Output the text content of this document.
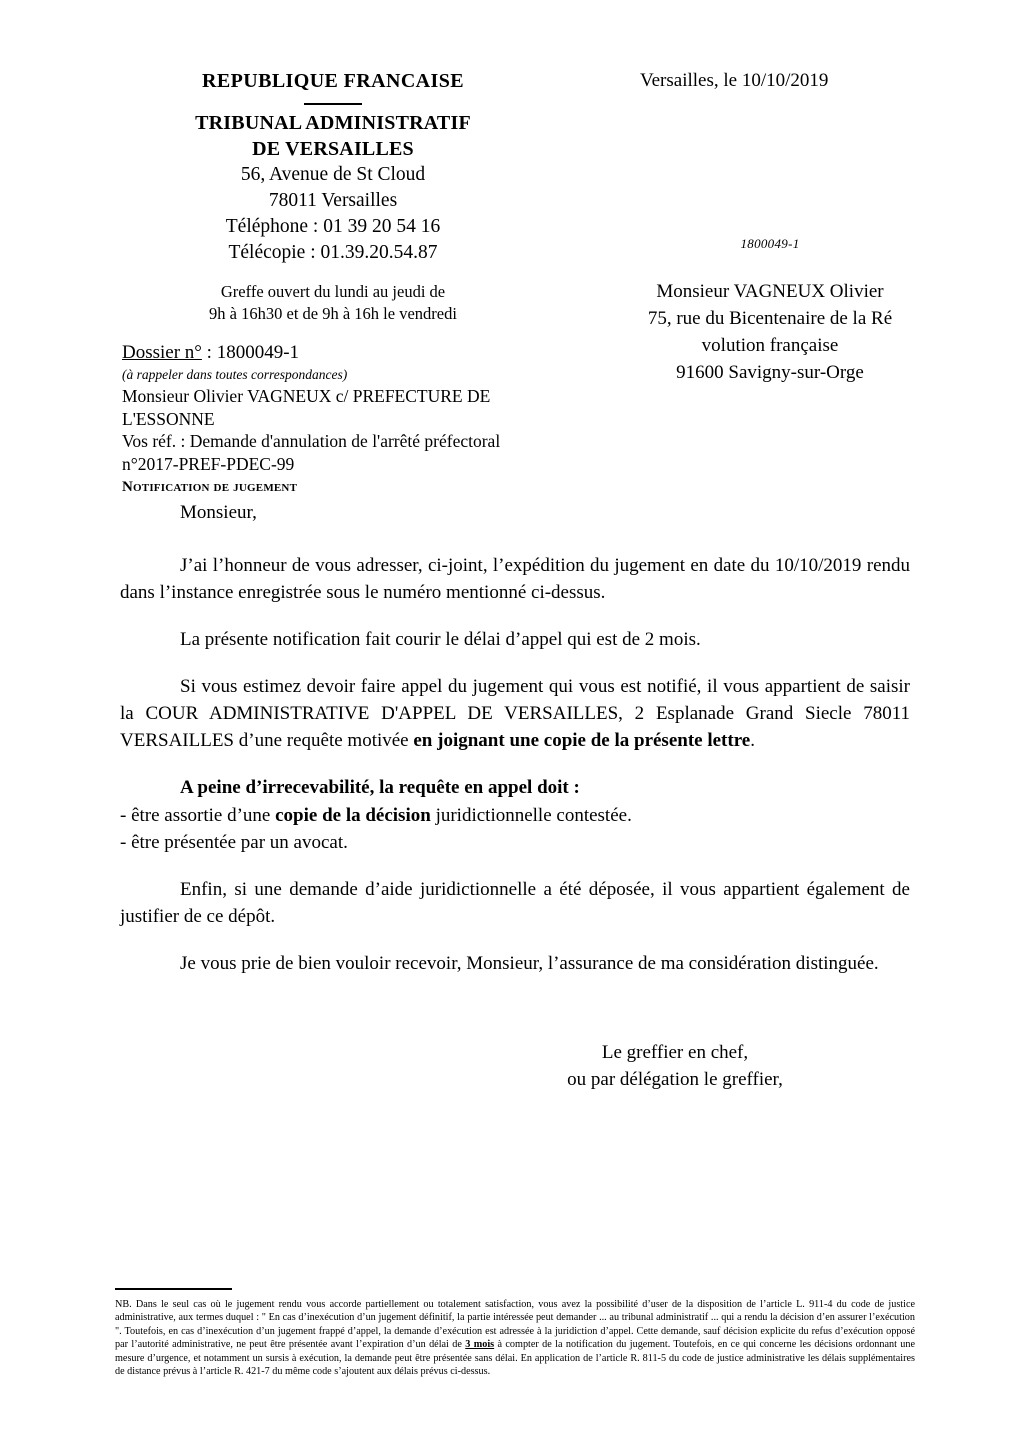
REPUBLIQUE FRANCAISE
TRIBUNAL ADMINISTRATIF
DE VERSAILLES
56, Avenue de St Cloud
78011 Versailles
Téléphone : 01 39 20 54 16
Télécopie : 01.39.20.54.87
Greffe ouvert du lundi au jeudi de
9h à 16h30 et de 9h à 16h le vendredi
Versailles, le 10/10/2019
1800049-1
Monsieur VAGNEUX Olivier
75, rue du Bicentenaire de la Ré
volution française
91600 Savigny-sur-Orge
Dossier n° : 1800049-1
(à rappeler dans toutes correspondances)
Monsieur Olivier VAGNEUX c/ PREFECTURE DE
L'ESSONNE
Vos réf. : Demande d'annulation de l'arrêté préfectoral
n°2017-PREF-PDEC-99
Notification de jugement
Monsieur,

J’ai l’honneur de vous adresser, ci-joint, l’expédition du jugement en date du 10/10/2019 rendu dans l’instance enregistrée sous le numéro mentionné ci-dessus.

La présente notification fait courir le délai d’appel qui est de 2 mois.

Si vous estimez devoir faire appel du jugement qui vous est notifié, il vous appartient de saisir la COUR ADMINISTRATIVE D'APPEL DE VERSAILLES, 2 Esplanade Grand Siecle 78011 VERSAILLES d’une requête motivée en joignant une copie de la présente lettre.

A peine d’irrecevabilité, la requête en appel doit :
- être assortie d’une copie de la décision juridictionnelle contestée.
- être présentée par un avocat.

Enfin, si une demande d’aide juridictionnelle a été déposée, il vous appartient également de justifier de ce dépôt.

Je vous prie de bien vouloir recevoir, Monsieur, l’assurance de ma considération distinguée.

Le greffier en chef,
ou par délégation le greffier,
NB. Dans le seul cas où le jugement rendu vous accorde partiellement ou totalement satisfaction, vous avez la possibilité d’user de la disposition de l’article L. 911-4 du code de justice administrative, aux termes duquel : " En cas d’inexécution d’un jugement définitif, la partie intéressée peut demander ... au tribunal administratif ... qui a rendu la décision d’en assurer l’exécution ". Toutefois, en cas d’inexécution d’un jugement frappé d’appel, la demande d’exécution est adressée à la juridiction d’appel. Cette demande, sauf décision explicite du refus d’exécution opposé par l’autorité administrative, ne peut être présentée avant l’expiration d’un délai de 3 mois à compter de la notification du jugement. Toutefois, en ce qui concerne les décisions ordonnant une mesure d’urgence, et notamment un sursis à exécution, la demande peut être présentée sans délai. En application de l’article R. 811-5 du code de justice administrative les délais supplémentaires de distance prévus à l’article R. 421-7 du même code s’ajoutent aux délais prévus ci-dessus.
